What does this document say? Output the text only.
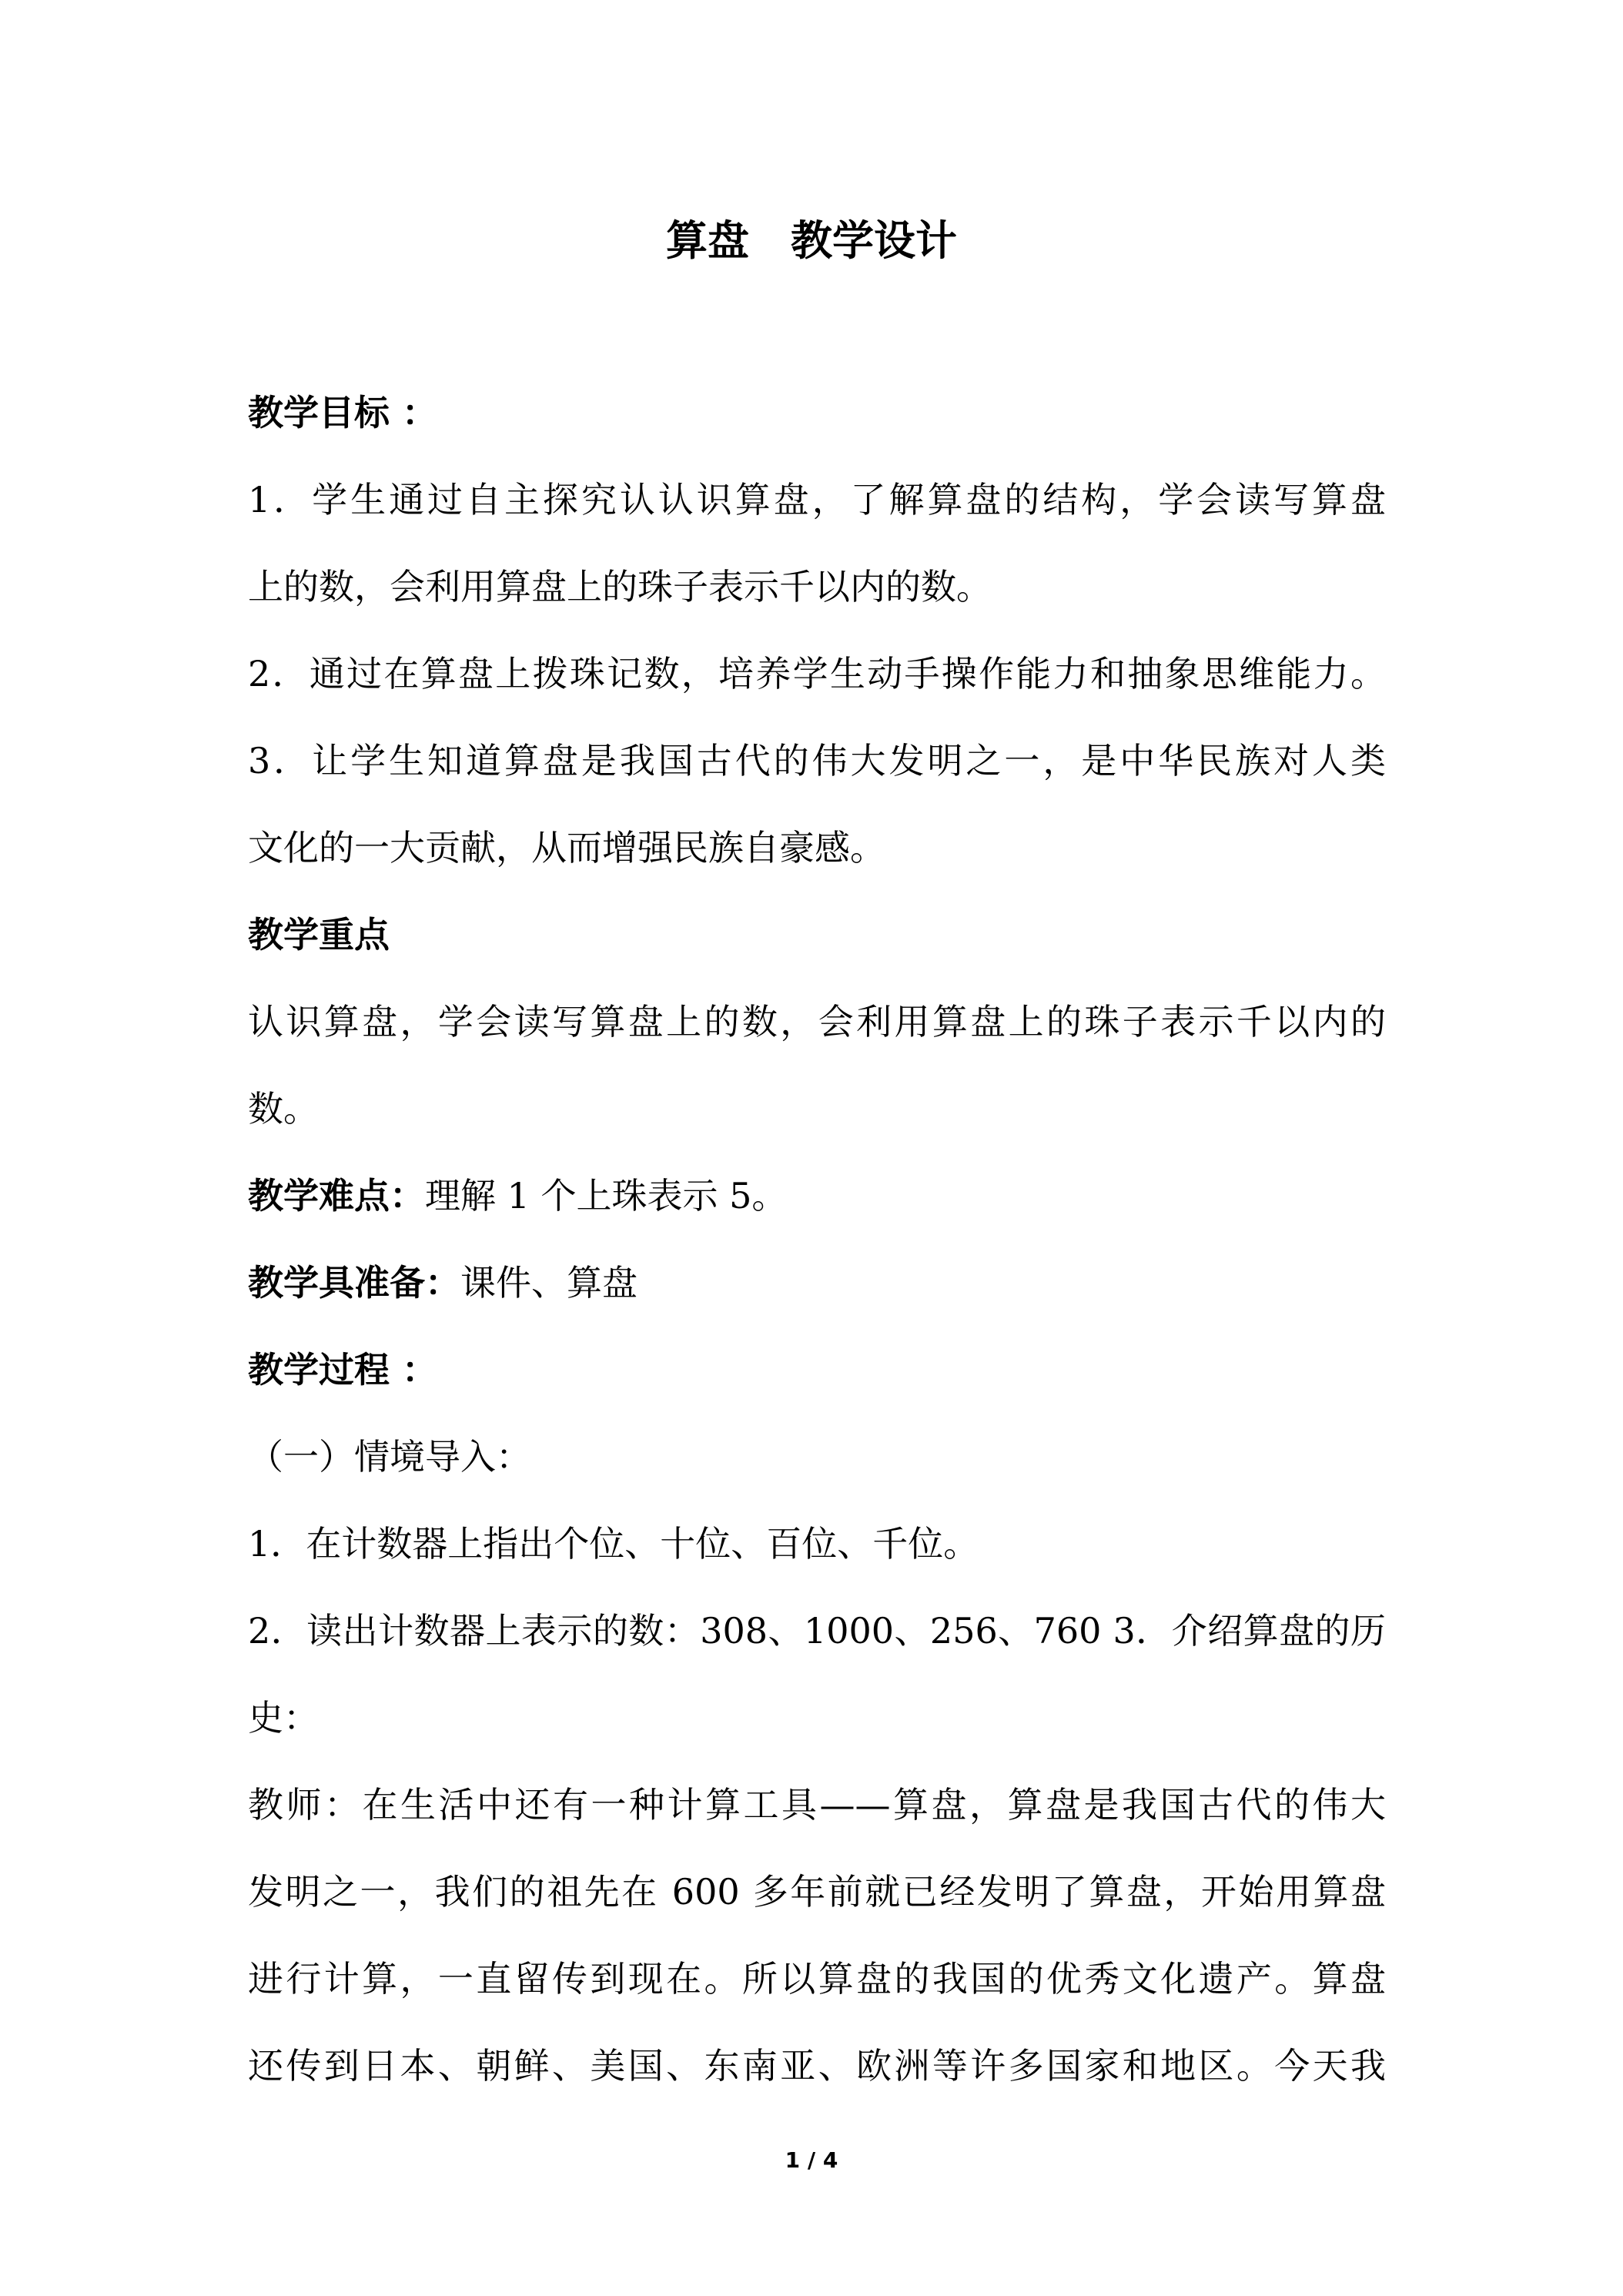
算盘　教学设计
教学目标 ：
1．学生通过自主探究认认识算盘，了解算盘的结构，学会读写算盘
上的数，会利用算盘上的珠子表示千以内的数。
2．通过在算盘上拨珠记数，培养学生动手操作能力和抽象思维能力。
3．让学生知道算盘是我国古代的伟大发明之一，是中华民族对人类
文化的一大贡献，从而增强民族自豪感。
教学重点
认识算盘，学会读写算盘上的数，会利用算盘上的珠子表示千以内的
数。
教学难点：理解 1 个上珠表示 5。
教学具准备：课件、算盘
教学过程 ：
（一）情境导入：
1．在计数器上指出个位、十位、百位、千位。
2．读出计数器上表示的数：308、1000、256、760 3．介绍算盘的历
史：
教师：在生活中还有一种计算工具——算盘，算盘是我国古代的伟大
发明之一，我们的祖先在 600 多年前就已经发明了算盘，开始用算盘
进行计算，一直留传到现在。所以算盘的我国的优秀文化遗产。算盘
还传到日本、朝鲜、美国、东南亚、欧洲等许多国家和地区。今天我
1 / 4
